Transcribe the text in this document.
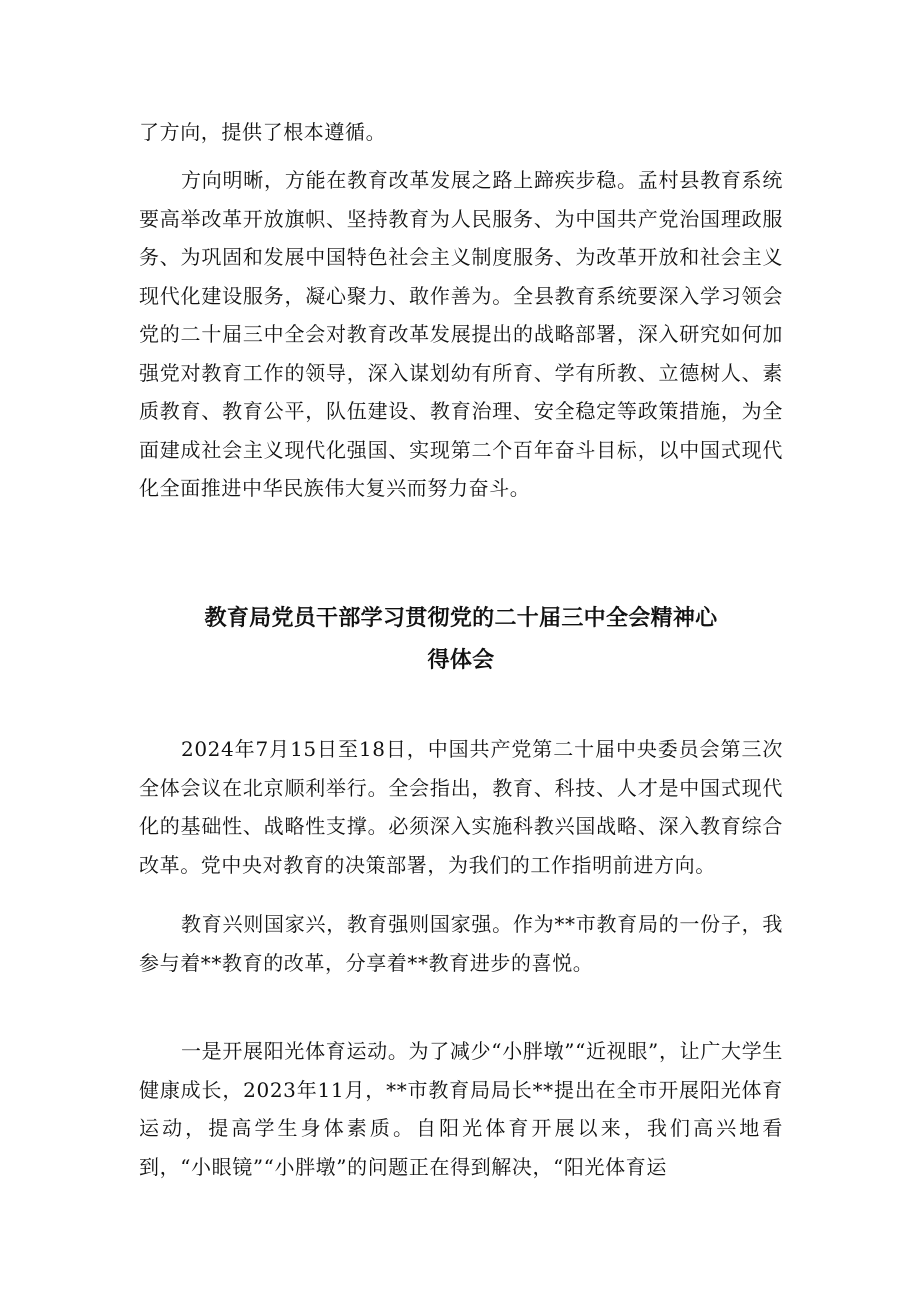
了方向，提供了根本遵循。

方向明晰，方能在教育改革发展之路上蹄疾步稳。孟村县教育系统要高举改革开放旗帜、坚持教育为人民服务、为中国共产党治国理政服务、为巩固和发展中国特色社会主义制度服务、为改革开放和社会主义现代化建设服务，凝心聚力、敢作善为。全县教育系统要深入学习领会党的二十届三中全会对教育改革发展提出的战略部署，深入研究如何加强党对教育工作的领导，深入谋划幼有所育、学有所教、立德树人、素质教育、教育公平，队伍建设、教育治理、安全稳定等政策措施，为全面建成社会主义现代化强国、实现第二个百年奋斗目标，以中国式现代化全面推进中华民族伟大复兴而努力奋斗。

教育局党员干部学习贯彻党的二十届三中全会精神心
得体会

2024年7月15日至18日，中国共产党第二十届中央委员会第三次全体会议在北京顺利举行。全会指出，教育、科技、人才是中国式现代化的基础性、战略性支撑。必须深入实施科教兴国战略、深入教育综合改革。党中央对教育的决策部署，为我们的工作指明前进方向。

教育兴则国家兴，教育强则国家强。作为**市教育局的一份子，我参与着**教育的改革，分享着**教育进步的喜悦。

一是开展阳光体育运动。为了减少“小胖墩”“近视眼”，让广大学生健康成长，2023年11月，**市教育局局长**提出在全市开展阳光体育运动，提高学生身体素质。自阳光体育开展以来，我们高兴地看到，“小眼镜”“小胖墩”的问题正在得到解决，“阳光体育运
